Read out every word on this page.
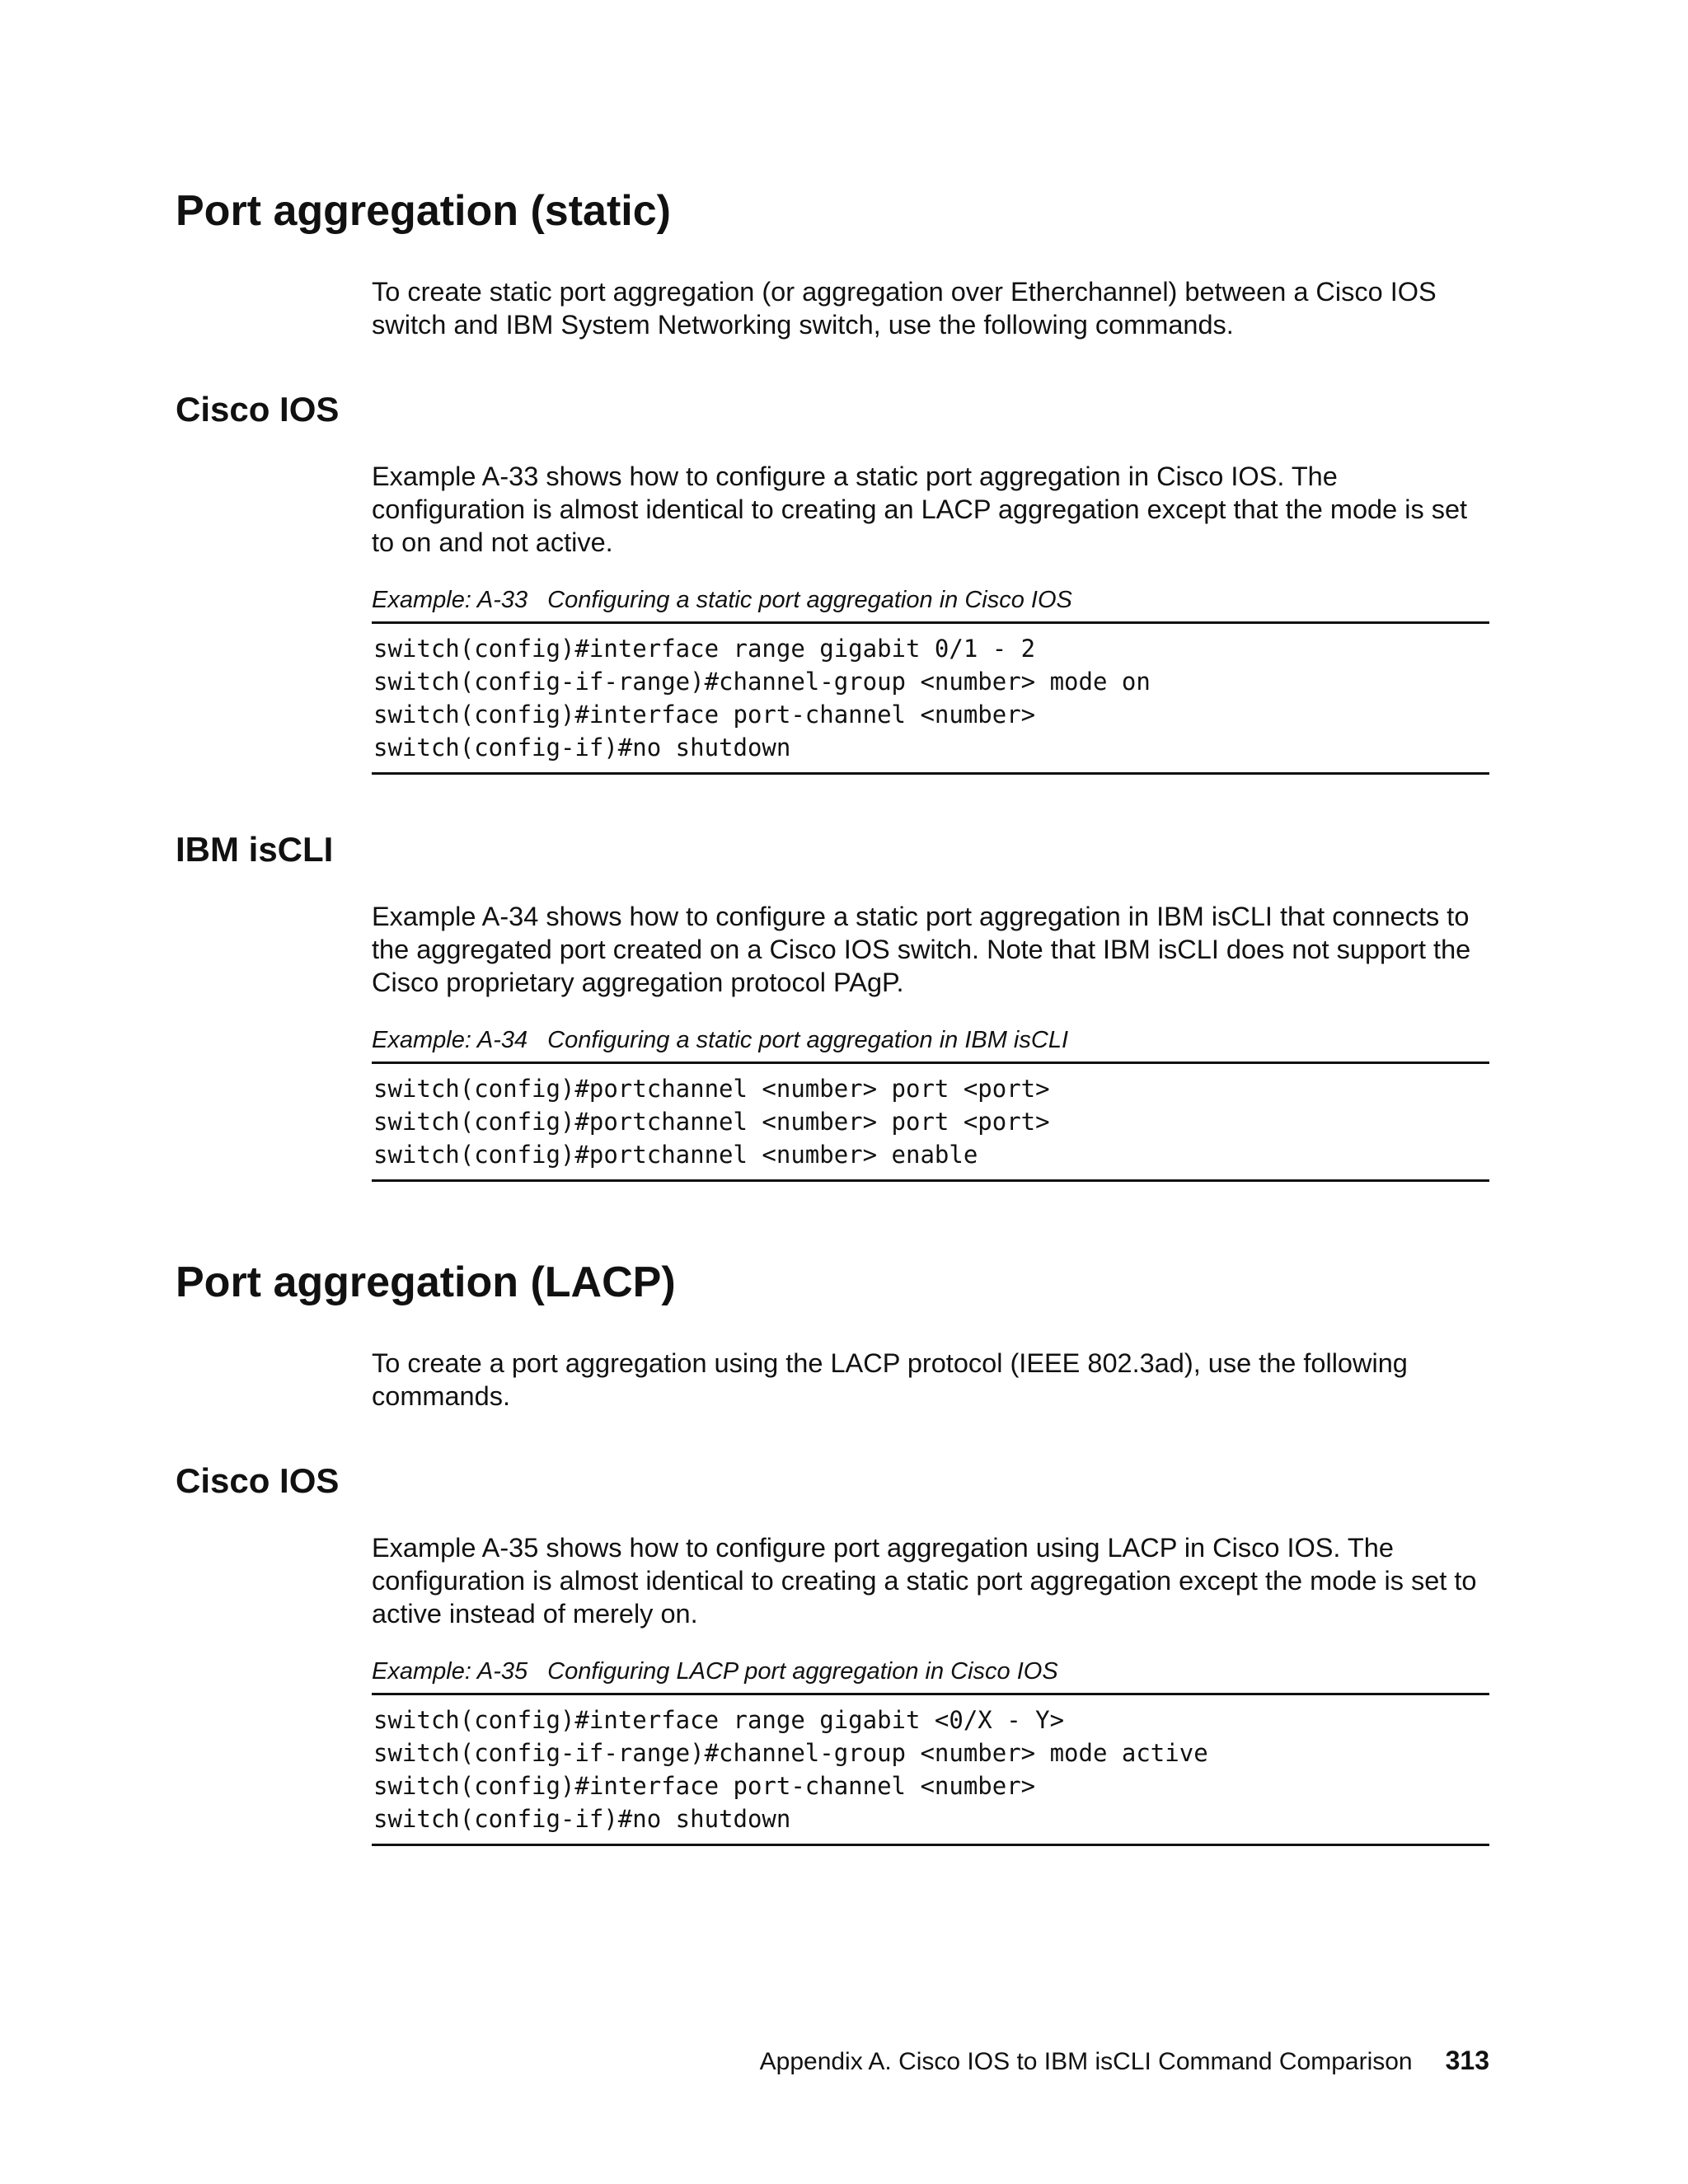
Port aggregation (static)

To create static port aggregation (or aggregation over Etherchannel) between a Cisco IOS switch and IBM System Networking switch, use the following commands.

Cisco IOS

Example A-33 shows how to configure a static port aggregation in Cisco IOS. The configuration is almost identical to creating an LACP aggregation except that the mode is set to on and not active.

Example: A-33 Configuring a static port aggregation in Cisco IOS
switch(config)#interface range gigabit 0/1 - 2
switch(config-if-range)#channel-group <number> mode on
switch(config)#interface port-channel <number>
switch(config-if)#no shutdown
IBM isCLI

Example A-34 shows how to configure a static port aggregation in IBM isCLI that connects to the aggregated port created on a Cisco IOS switch. Note that IBM isCLI does not support the Cisco proprietary aggregation protocol PAgP.

Example: A-34 Configuring a static port aggregation in IBM isCLI
switch(config)#portchannel <number> port <port>
switch(config)#portchannel <number> port <port>
switch(config)#portchannel <number> enable
Port aggregation (LACP)

To create a port aggregation using the LACP protocol (IEEE 802.3ad), use the following commands.

Cisco IOS

Example A-35 shows how to configure port aggregation using LACP in Cisco IOS. The configuration is almost identical to creating a static port aggregation except the mode is set to active instead of merely on.

Example: A-35 Configuring LACP port aggregation in Cisco IOS
switch(config)#interface range gigabit <0/X - Y>
switch(config-if-range)#channel-group <number> mode active
switch(config)#interface port-channel <number>
switch(config-if)#no shutdown
Appendix A. Cisco IOS to IBM isCLI Command Comparison 313
